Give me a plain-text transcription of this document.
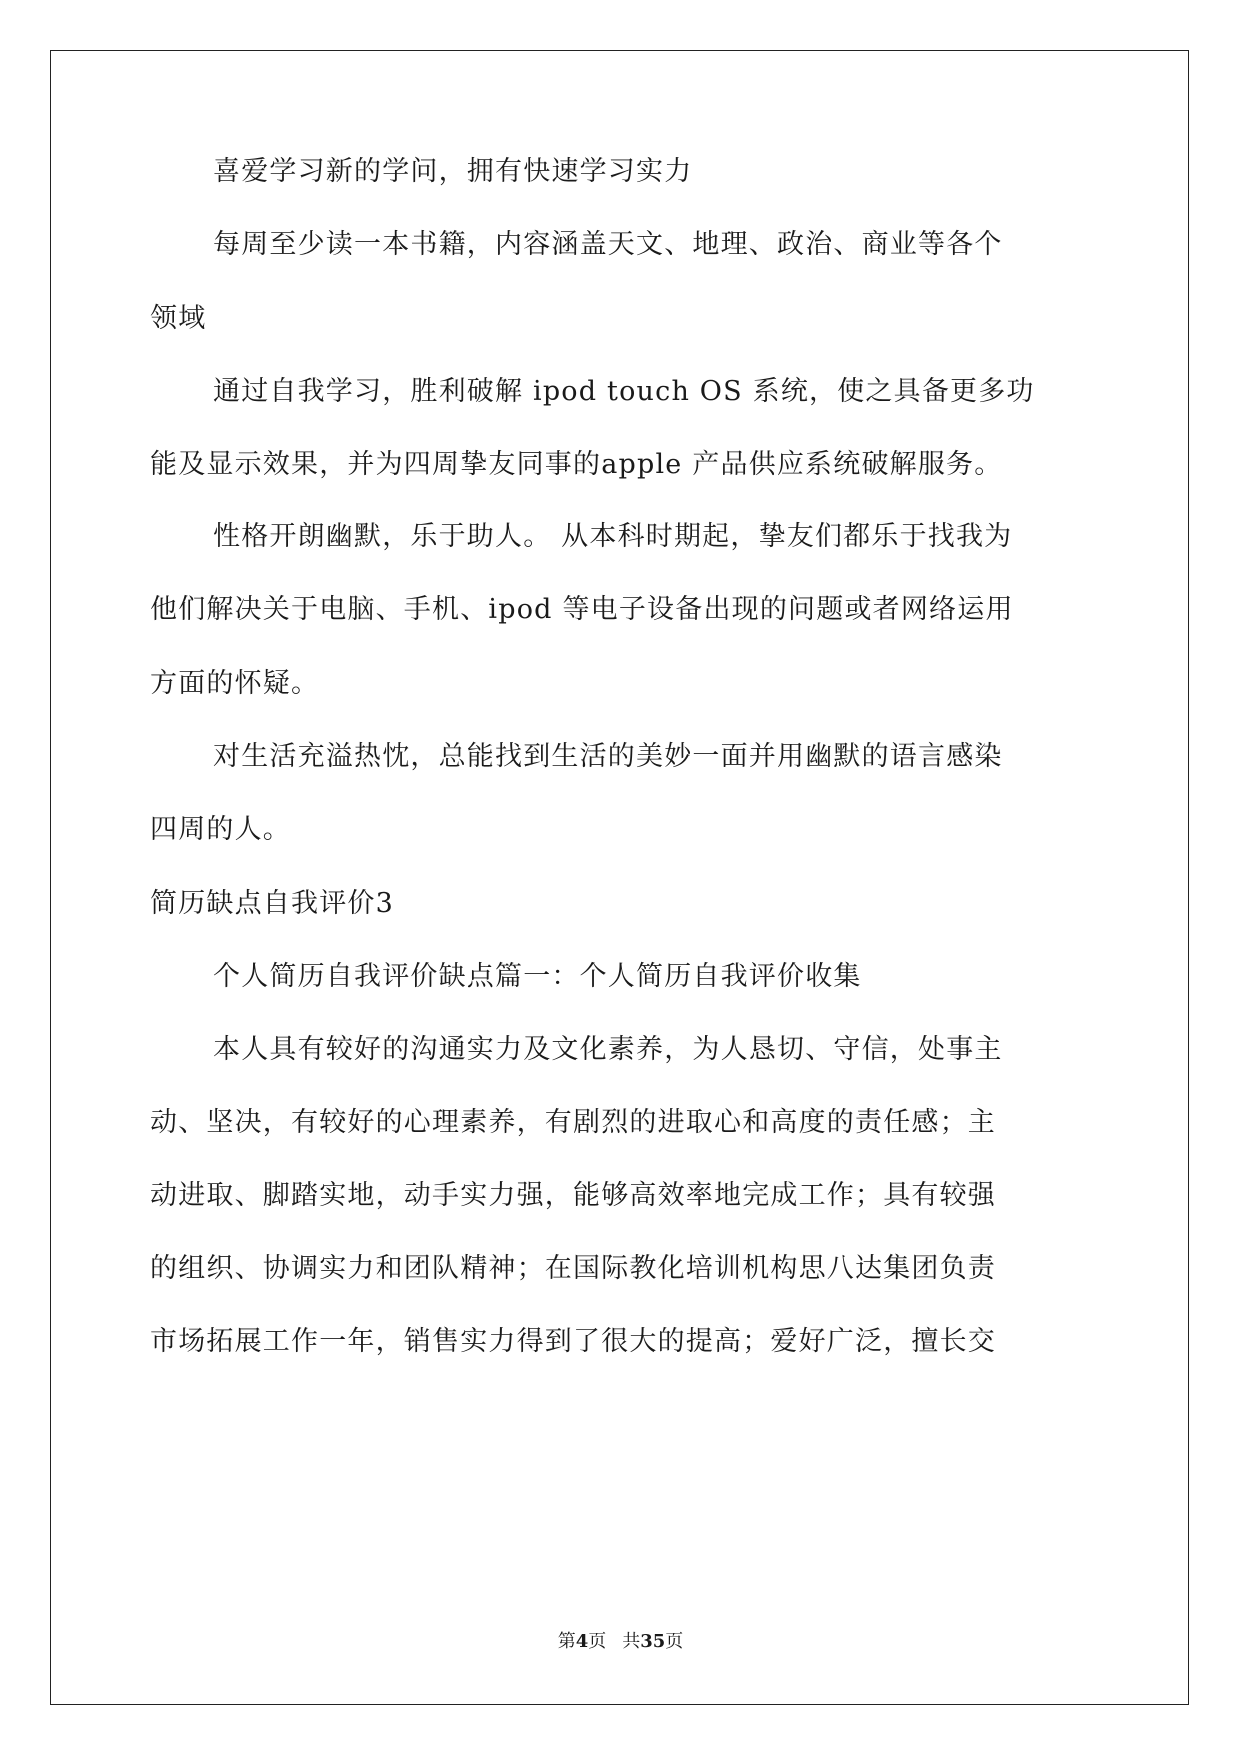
喜爱学习新的学问，拥有快速学习实力
每周至少读一本书籍，内容涵盖天文、地理、政治、商业等各个
领域
通过自我学习，胜利破解 ipod touch OS 系统，使之具备更多功
能及显示效果，并为四周挚友同事的apple 产品供应系统破解服务。
性格开朗幽默，乐于助人。 从本科时期起，挚友们都乐于找我为
他们解决关于电脑、手机、ipod 等电子设备出现的问题或者网络运用
方面的怀疑。
对生活充溢热忱，总能找到生活的美妙一面并用幽默的语言感染
四周的人。
简历缺点自我评价3
个人简历自我评价缺点篇一：个人简历自我评价收集
本人具有较好的沟通实力及文化素养，为人恳切、守信，处事主
动、坚决，有较好的心理素养，有剧烈的进取心和高度的责任感；主
动进取、脚踏实地，动手实力强，能够高效率地完成工作；具有较强
的组织、协调实力和团队精神；在国际教化培训机构思八达集团负责
市场拓展工作一年，销售实力得到了很大的提高；爱好广泛，擅长交
第4页 共35页
